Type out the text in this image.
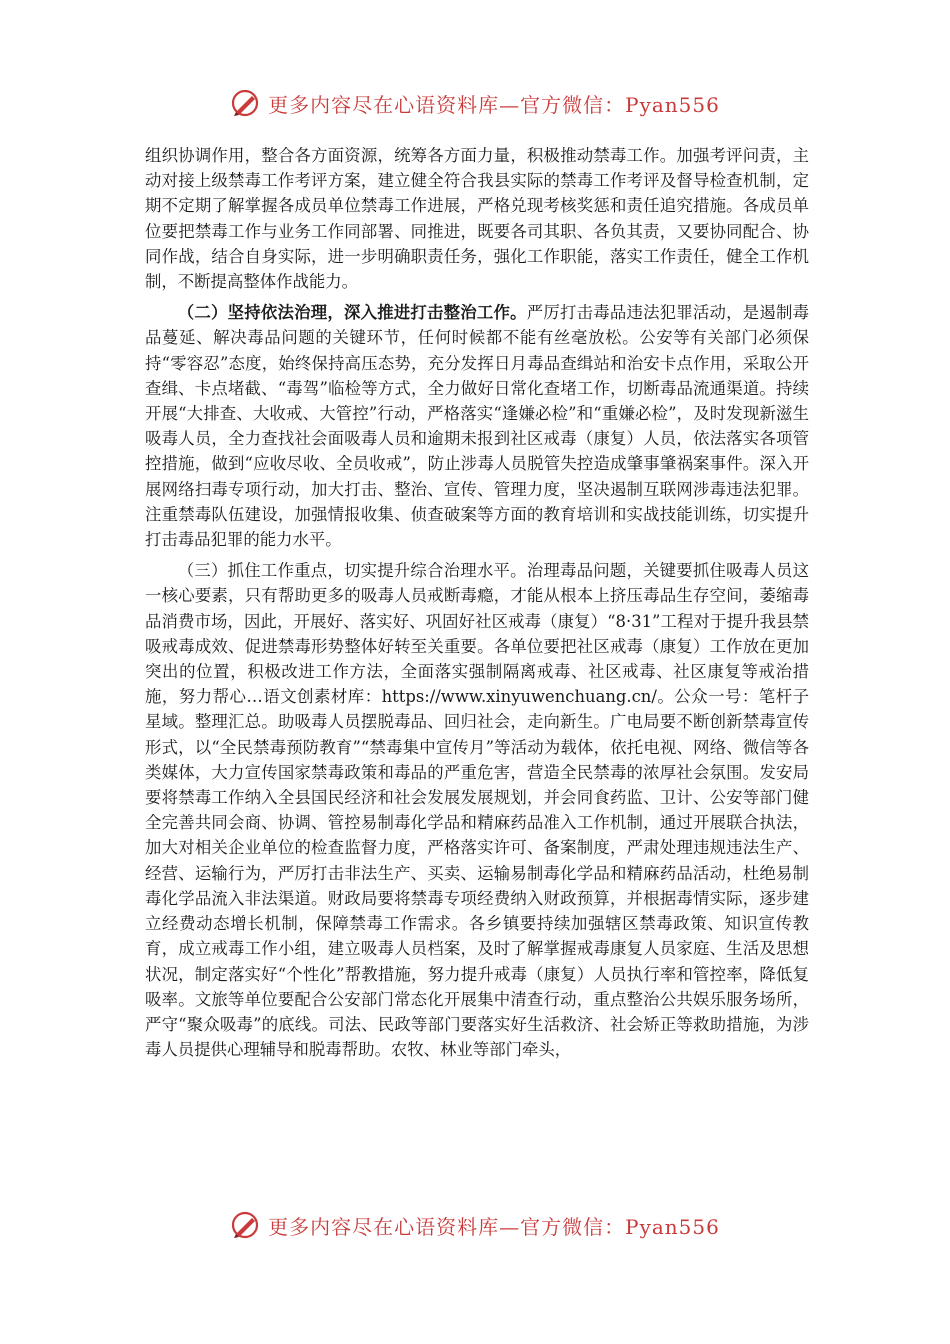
更多内容尽在心语资料库—官方微信：Pyan556

组织协调作用，整合各方面资源，统筹各方面力量，积极推动禁毒工作。加强考评问责，主动对接上级禁毒工作考评方案，建立健全符合我县实际的禁毒工作考评及督导检查机制，定期不定期了解掌握各成员单位禁毒工作进展，严格兑现考核奖惩和责任追究措施。各成员单位要把禁毒工作与业务工作同部署、同推进，既要各司其职、各负其责，又要协同配合、协同作战，结合自身实际，进一步明确职责任务，强化工作职能，落实工作责任，健全工作机制，不断提高整体作战能力。

（二）坚持依法治理，深入推进打击整治工作。严厉打击毒品违法犯罪活动，是遏制毒品蔓延、解决毒品问题的关键环节，任何时候都不能有丝毫放松。公安等有关部门必须保持“零容忍”态度，始终保持高压态势，充分发挥日月毒品查缉站和治安卡点作用，采取公开查缉、卡点堵截、“毒驾”临检等方式，全力做好日常化查堵工作，切断毒品流通渠道。持续开展“大排查、大收戒、大管控”行动，严格落实“逢嫌必检”和“重嫌必检”，及时发现新滋生吸毒人员，全力查找社会面吸毒人员和逾期未报到社区戒毒（康复）人员，依法落实各项管控措施，做到“应收尽收、全员收戒”，防止涉毒人员脱管失控造成肇事肇祸案事件。深入开展网络扫毒专项行动，加大打击、整治、宣传、管理力度，坚决遏制互联网涉毒违法犯罪。注重禁毒队伍建设，加强情报收集、侦查破案等方面的教育培训和实战技能训练，切实提升打击毒品犯罪的能力水平。

（三）抓住工作重点，切实提升综合治理水平。治理毒品问题，关键要抓住吸毒人员这一核心要素，只有帮助更多的吸毒人员戒断毒瘾，才能从根本上挤压毒品生存空间，萎缩毒品消费市场，因此，开展好、落实好、巩固好社区戒毒（康复）“8·31”工程对于提升我县禁吸戒毒成效、促进禁毒形势整体好转至关重要。各单位要把社区戒毒（康复）工作放在更加突出的位置，积极改进工作方法，全面落实强制隔离戒毒、社区戒毒、社区康复等戒治措施，努力帮心…语文创素材库：https://www.xinyuwenchuang.cn/。公众一号：笔杆子星域。整理汇总。助吸毒人员摆脱毒品、回归社会，走向新生。广电局要不断创新禁毒宣传形式，以“全民禁毒预防教育”“禁毒集中宣传月”等活动为载体，依托电视、网络、微信等各类媒体，大力宣传国家禁毒政策和毒品的严重危害，营造全民禁毒的浓厚社会氛围。发安局要将禁毒工作纳入全县国民经济和社会发展发展规划，并会同食药监、卫计、公安等部门健全完善共同会商、协调、管控易制毒化学品和精麻药品准入工作机制，通过开展联合执法，加大对相关企业单位的检查监督力度，严格落实许可、备案制度，严肃处理违规违法生产、经营、运输行为，严厉打击非法生产、买卖、运输易制毒化学品和精麻药品活动，杜绝易制毒化学品流入非法渠道。财政局要将禁毒专项经费纳入财政预算，并根据毒情实际，逐步建立经费动态增长机制，保障禁毒工作需求。各乡镇要持续加强辖区禁毒政策、知识宣传教育，成立戒毒工作小组，建立吸毒人员档案，及时了解掌握戒毒康复人员家庭、生活及思想状况，制定落实好“个性化”帮教措施，努力提升戒毒（康复）人员执行率和管控率，降低复吸率。文旅等单位要配合公安部门常态化开展集中清查行动，重点整治公共娱乐服务场所，严守“聚众吸毒”的底线。司法、民政等部门要落实好生活救济、社会矫正等救助措施，为涉毒人员提供心理辅导和脱毒帮助。农牧、林业等部门牵头，

更多内容尽在心语资料库—官方微信：Pyan556
